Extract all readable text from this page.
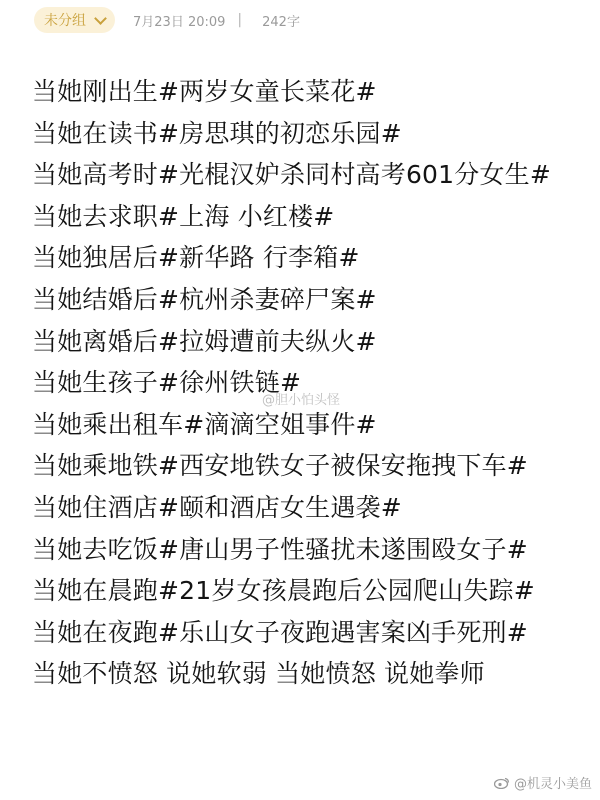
未分组	7月23日 20:09 | 242字
当她刚出生#两岁女童长菜花#
当她在读书#房思琪的初恋乐园#
当她高考时#光棍汉妒杀同村高考601分女生#
当她去求职#上海 小红楼#
当她独居后#新华路 行李箱#
当她结婚后#杭州杀妻碎尸案#
当她离婚后#拉姆遭前夫纵火#
当她生孩子#徐州铁链#
当她乘出租车#滴滴空姐事件#
当她乘地铁#西安地铁女子被保安拖拽下车#
当她住酒店#颐和酒店女生遇袭#
当她去吃饭#唐山男子性骚扰未遂围殴女子#
当她在晨跑#21岁女孩晨跑后公园爬山失踪#
当她在夜跑#乐山女子夜跑遇害案凶手死刑#
当她不愤怒 说她软弱 当她愤怒 说她拳师
@胆小怕头怪
@机灵小美鱼
